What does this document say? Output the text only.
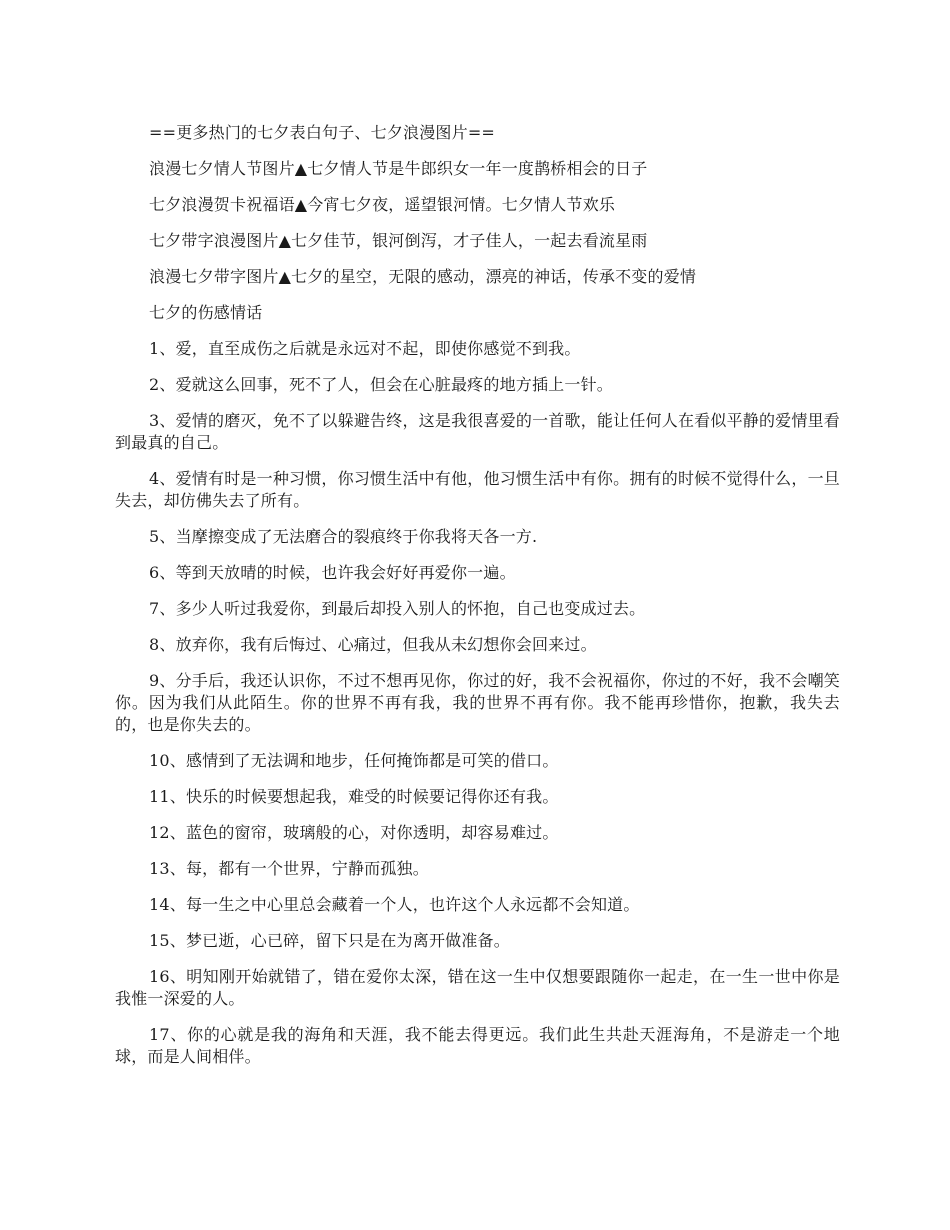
==更多热门的七夕表白句子、七夕浪漫图片==

浪漫七夕情人节图片▲七夕情人节是牛郎织女一年一度鹊桥相会的日子

七夕浪漫贺卡祝福语▲今宵七夕夜，遥望银河情。七夕情人节欢乐

七夕带字浪漫图片▲七夕佳节，银河倒泻，才子佳人，一起去看流星雨

浪漫七夕带字图片▲七夕的星空，无限的感动，漂亮的神话，传承不变的爱情

七夕的伤感情话

1、爱，直至成伤之后就是永远对不起，即使你感觉不到我。

2、爱就这么回事，死不了人，但会在心脏最疼的地方插上一针。

3、爱情的磨灭，免不了以躲避告终，这是我很喜爱的一首歌，能让任何人在看似平静的爱情里看到最真的自己。

4、爱情有时是一种习惯，你习惯生活中有他，他习惯生活中有你。拥有的时候不觉得什么，一旦失去，却仿佛失去了所有。

5、当摩擦变成了无法磨合的裂痕终于你我将天各一方.

6、等到天放晴的时候，也许我会好好再爱你一遍。

7、多少人听过我爱你，到最后却投入别人的怀抱，自己也变成过去。

8、放弃你，我有后悔过、心痛过，但我从未幻想你会回来过。

9、分手后，我还认识你，不过不想再见你，你过的好，我不会祝福你，你过的不好，我不会嘲笑你。因为我们从此陌生。你的世界不再有我，我的世界不再有你。我不能再珍惜你，抱歉，我失去的，也是你失去的。

10、感情到了无法调和地步，任何掩饰都是可笑的借口。

11、快乐的时候要想起我，难受的时候要记得你还有我。

12、蓝色的窗帘，玻璃般的心，对你透明，却容易难过。

13、每，都有一个世界，宁静而孤独。

14、每一生之中心里总会藏着一个人，也许这个人永远都不会知道。

15、梦已逝，心已碎，留下只是在为离开做准备。

16、明知刚开始就错了，错在爱你太深，错在这一生中仅想要跟随你一起走，在一生一世中你是我惟一深爱的人。

17、你的心就是我的海角和天涯，我不能去得更远。我们此生共赴天涯海角，不是游走一个地球，而是人间相伴。
